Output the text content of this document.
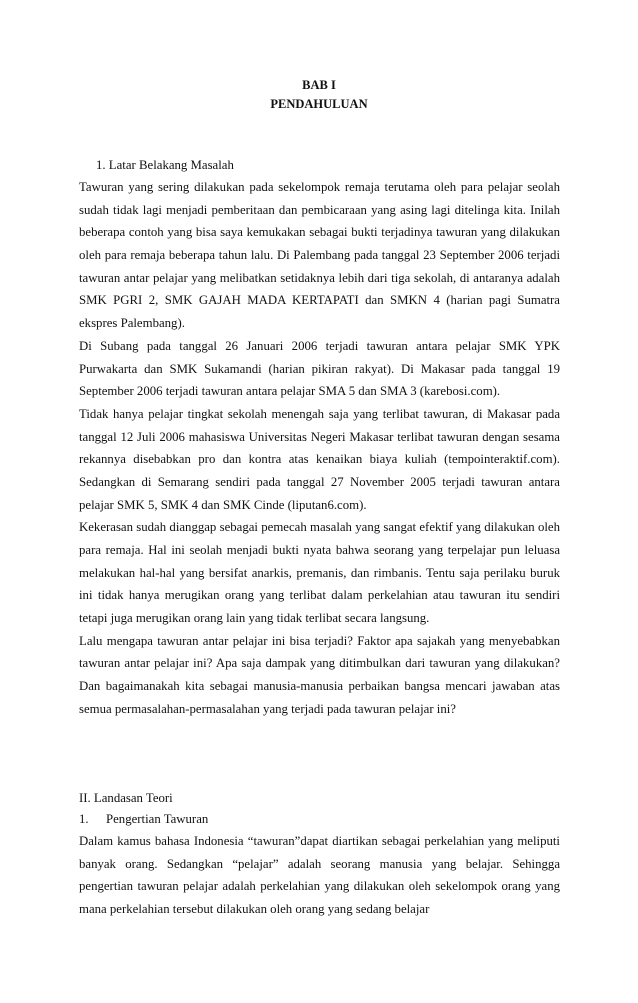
BAB I
PENDAHULUAN
1. Latar Belakang Masalah
Tawuran yang sering dilakukan pada sekelompok remaja terutama oleh para pelajar seolah
sudah tidak lagi menjadi pemberitaan dan pembicaraan yang asing lagi ditelinga kita. Inilah
beberapa contoh yang bisa saya kemukakan sebagai bukti terjadinya tawuran yang dilakukan
oleh para remaja beberapa tahun lalu. Di Palembang pada tanggal 23 September 2006 terjadi
tawuran antar pelajar yang melibatkan setidaknya lebih dari tiga sekolah, di antaranya adalah
SMK PGRI 2, SMK GAJAH MADA KERTAPATI dan SMKN 4 (harian pagi Sumatra
ekspres Palembang).
Di Subang pada tanggal 26 Januari 2006 terjadi tawuran antara pelajar SMK YPK
Purwakarta dan SMK Sukamandi (harian pikiran rakyat). Di Makasar pada tanggal 19
September 2006 terjadi tawuran antara pelajar SMA 5 dan SMA 3 (karebosi.com).
Tidak hanya pelajar tingkat sekolah menengah saja yang terlibat tawuran, di Makasar pada
tanggal 12 Juli 2006 mahasiswa Universitas Negeri Makasar terlibat tawuran dengan sesama
rekannya disebabkan pro dan kontra atas kenaikan biaya kuliah (tempointeraktif.com).
Sedangkan di Semarang sendiri pada tanggal 27 November 2005 terjadi tawuran antara
pelajar SMK 5, SMK 4 dan SMK Cinde (liputan6.com).
Kekerasan sudah dianggap sebagai pemecah masalah yang sangat efektif yang dilakukan oleh
para remaja. Hal ini seolah menjadi bukti nyata bahwa seorang yang terpelajar pun leluasa
melakukan hal-hal yang bersifat anarkis, premanis, dan rimbanis. Tentu saja perilaku buruk
ini tidak hanya merugikan orang yang terlibat dalam perkelahian atau tawuran itu sendiri
tetapi juga merugikan orang lain yang tidak terlibat secara langsung.
Lalu mengapa tawuran antar pelajar ini bisa terjadi? Faktor apa sajakah yang menyebabkan
tawuran antar pelajar ini? Apa saja dampak yang ditimbulkan dari tawuran yang dilakukan?
Dan bagaimanakah kita sebagai manusia-manusia perbaikan bangsa mencari jawaban atas
semua permasalahan-permasalahan yang terjadi pada tawuran pelajar ini?
II. Landasan Teori
1. Pengertian Tawuran
Dalam kamus bahasa Indonesia “tawuran”dapat diartikan sebagai perkelahian yang meliputi
banyak orang. Sedangkan “pelajar” adalah seorang manusia yang belajar. Sehingga
pengertian tawuran pelajar adalah perkelahian yang dilakukan oleh sekelompok orang yang
mana perkelahian tersebut dilakukan oleh orang yang sedang belajar
